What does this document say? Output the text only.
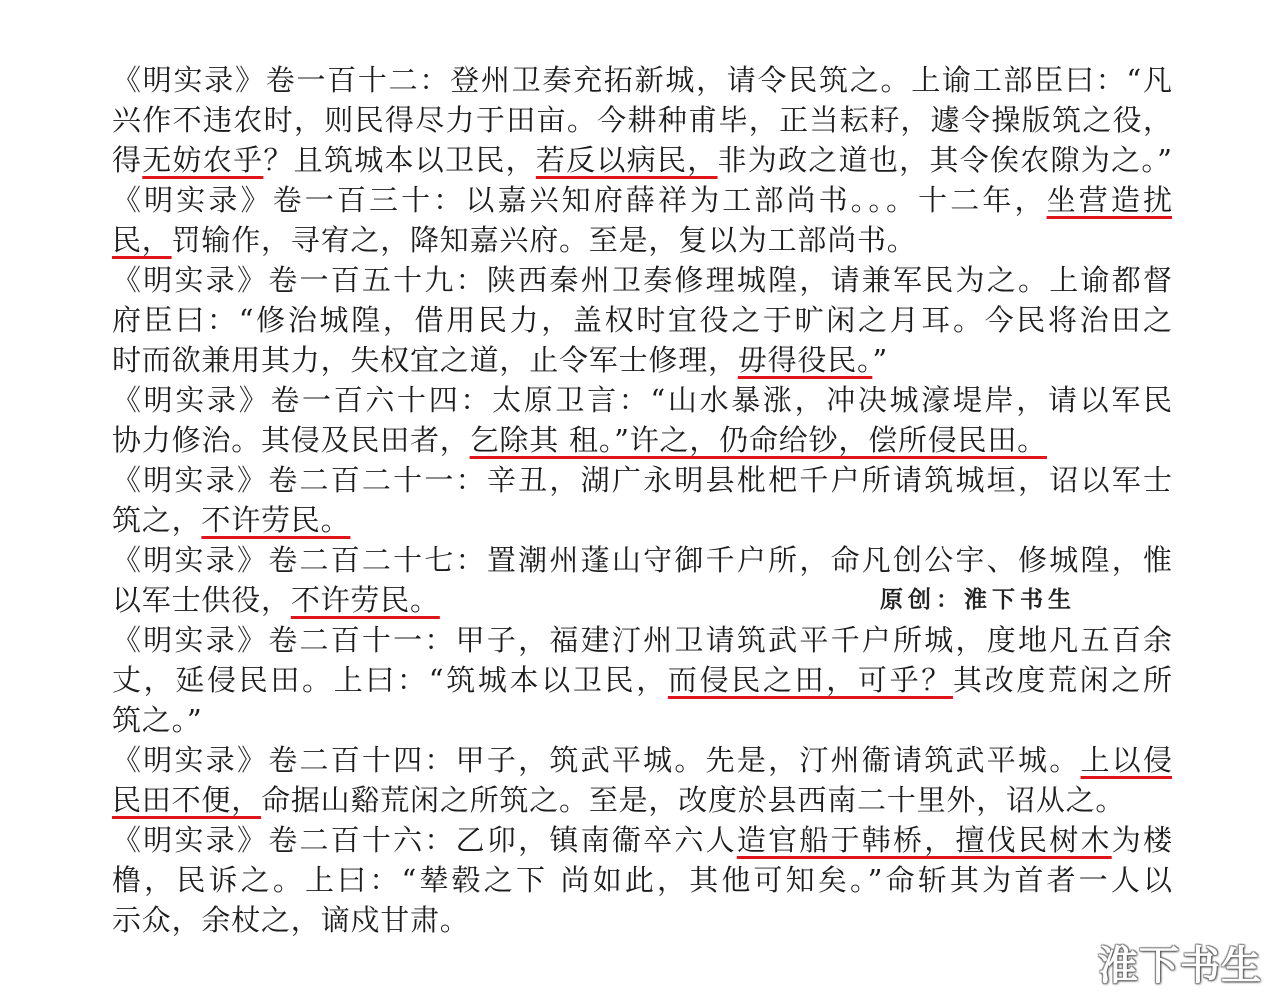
《明实录》卷一百十二：登州卫奏充拓新城，请令民筑之。上谕工部臣曰：“凡
兴作不违农时，则民得尽力于田亩。今耕种甫毕，正当耘耔，遽令操版筑之役，
得无妨农乎？且筑城本以卫民，若反以病民，非为政之道也，其令俟农隙为之。”
《明实录》卷一百三十：以嘉兴知府薛祥为工部尚书。。。十二年，坐营造扰
民，罚输作，寻宥之，降知嘉兴府。至是，复以为工部尚书。
《明实录》卷一百五十九：陕西秦州卫奏修理城隍，请兼军民为之。上谕都督
府臣曰：“修治城隍，借用民力，盖权时宜役之于旷闲之月耳。今民将治田之
时而欲兼用其力，失权宜之道，止令军士修理，毋得役民。”
《明实录》卷一百六十四：太原卫言：“山水暴涨，冲决城濠堤岸，请以军民
协力修治。其侵及民田者，乞除其 租。”许之，仍命给钞，偿所侵民田。
《明实录》卷二百二十一：辛丑，湖广永明县枇杷千户所请筑城垣，诏以军士
筑之，不许劳民。
《明实录》卷二百二十七：置潮州蓬山守御千户所，命凡创公宇、修城隍，惟
以军士供役，不许劳民。	原创：淮下书生
《明实录》卷二百十一：甲子，福建汀州卫请筑武平千户所城，度地凡五百余
丈，延侵民田。上曰：“筑城本以卫民，而侵民之田，可乎？其改度荒闲之所
筑之。”
《明实录》卷二百十四：甲子，筑武平城。先是，汀州衞请筑武平城。上以侵
民田不便，命据山谿荒闲之所筑之。至是，改度於县西南二十里外，诏从之。
《明实录》卷二百十六：乙卯，镇南衞卒六人造官船于韩桥，擅伐民树木为楼
橹，民诉之。上曰：“辇毂之下 尚如此，其他可知矣。”命斩其为首者一人以
示众，余杖之，谪戍甘肃。
淮下书生
